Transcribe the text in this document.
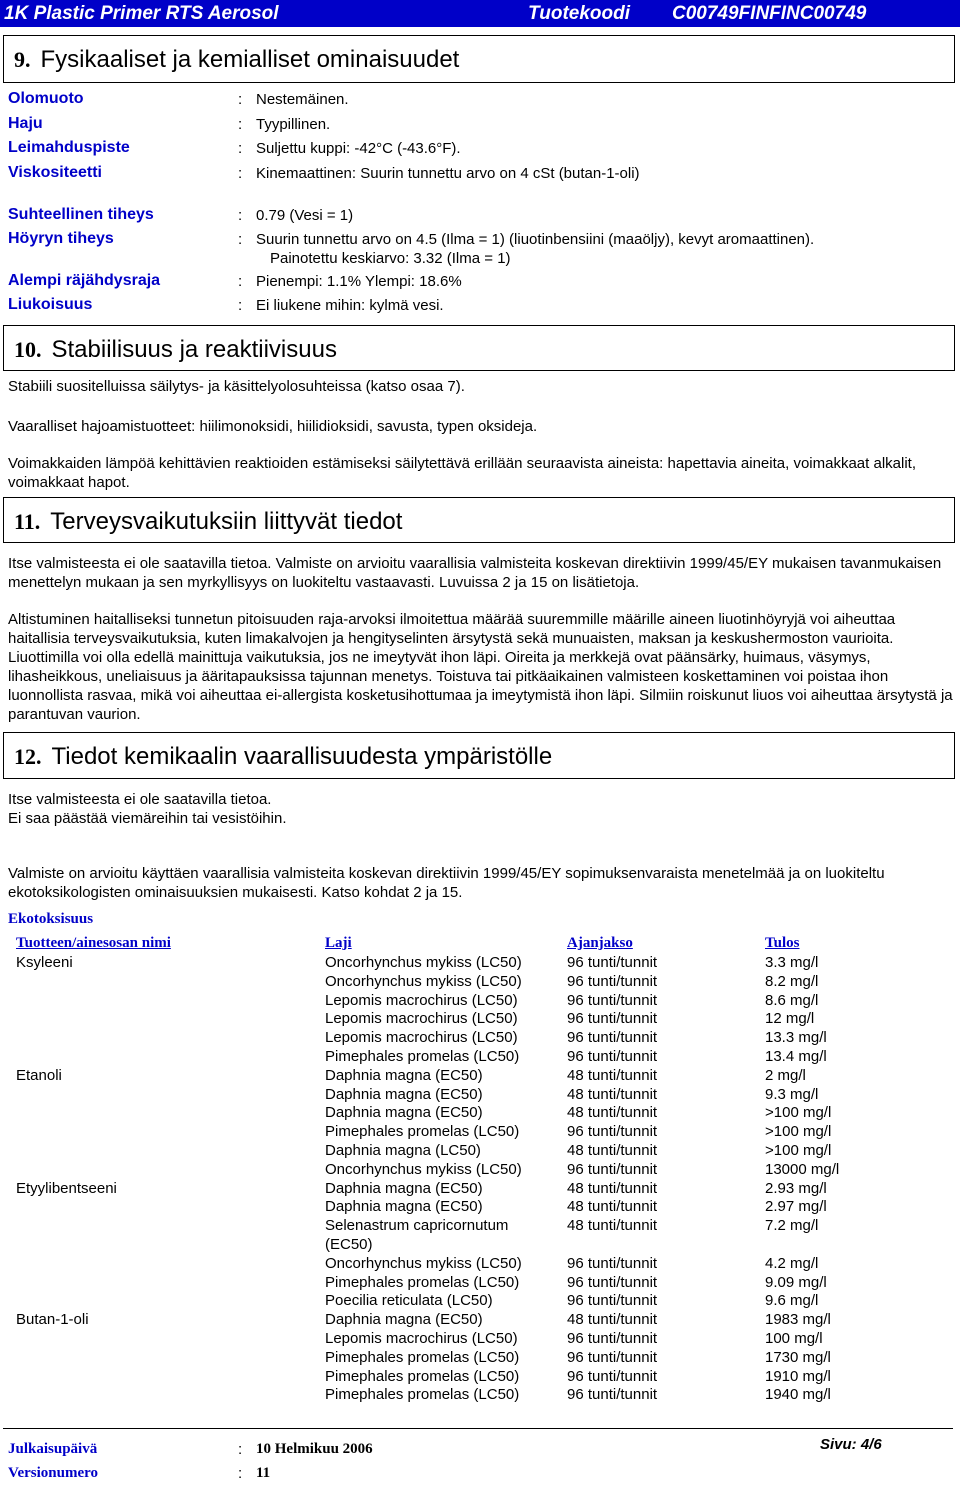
1K Plastic Primer RTS Aerosol	Tuotekoodi C00749FINFINC00749
9. Fysikaaliset ja kemialliset ominaisuudet
Olomuoto	: Nestemäinen.
Haju	: Tyypillinen.
Leimahduspiste	: Suljettu kuppi: -42°C (-43.6°F).
Viskositeetti	: Kinemaattinen: Suurin tunnettu arvo on 4 cSt (butan-1-oli)
Suhteellinen tiheys	: 0.79 (Vesi = 1)
Höyryn tiheys	: Suurin tunnettu arvo on 4.5 (Ilma = 1) (liuotinbensiini (maaöljy), kevyt aromaattinen).
Painotettu keskiarvo: 3.32 (Ilma = 1)
Alempi räjähdysraja	: Pienempi: 1.1% Ylempi: 18.6%
Liukoisuus	: Ei liukene mihin: kylmä vesi.
10. Stabiilisuus ja reaktiivisuus
Stabiili suositelluissa säilytys- ja käsittelyolosuhteissa (katso osaa 7).
Vaaralliset hajoamistuotteet: hiilimonoksidi, hiilidioksidi, savusta, typen oksideja.
Voimakkaiden lämpöä kehittävien reaktioiden estämiseksi säilytettävä erillään seuraavista aineista: hapettavia aineita, voimakkaat alkalit, voimakkaat hapot.
11. Terveysvaikutuksiin liittyvät tiedot
Itse valmisteesta ei ole saatavilla tietoa. Valmiste on arvioitu vaarallisia valmisteita koskevan direktiivin 1999/45/EY mukaisen tavanmukaisen menettelyn mukaan ja sen myrkyllisyys on luokiteltu vastaavasti. Luvuissa 2 ja 15 on lisätietoja.
Altistuminen haitalliseksi tunnetun pitoisuuden raja-arvoksi ilmoitettua määrää suuremmille määrille aineen liuotinhöyryjä voi aiheuttaa haitallisia terveysvaikutuksia, kuten limakalvojen ja hengityselinten ärsytystä sekä munuaisten, maksan ja keskushermoston vaurioita. Liuottimilla voi olla edellä mainittuja vaikutuksia, jos ne imeytyvät ihon läpi. Oireita ja merkkejä ovat päänsärky, huimaus, väsymys, lihasheikkous, uneliaisuus ja ääritapauksissa tajunnan menetys. Toistuva tai pitkäaikainen valmisteen koskettaminen voi poistaa ihon luonnollista rasvaa, mikä voi aiheuttaa ei-allergista kosketusihottumaa ja imeytymistä ihon läpi. Silmiin roiskunut liuos voi aiheuttaa ärsytystä ja parantuvan vaurion.
12. Tiedot kemikaalin vaarallisuudesta ympäristölle
Itse valmisteesta ei ole saatavilla tietoa.
Ei saa päästää viemäreihin tai vesistöihin.
Valmiste on arvioitu käyttäen vaarallisia valmisteita koskevan direktiivin 1999/45/EY sopimuksenvaraista menetelmää ja on luokiteltu ekotoksikologisten ominaisuuksien mukaisesti. Katso kohdat 2 ja 15.
Ekotoksisuus
Tuotteen/ainesosan nimi	Laji	Ajanjakso	Tulos
Ksyleeni	Oncorhynchus mykiss (LC50)	96 tunti/tunnit	3.3 mg/l
Oncorhynchus mykiss (LC50)	96 tunti/tunnit	8.2 mg/l
Lepomis macrochirus (LC50)	96 tunti/tunnit	8.6 mg/l
Lepomis macrochirus (LC50)	96 tunti/tunnit	12 mg/l
Lepomis macrochirus (LC50)	96 tunti/tunnit	13.3 mg/l
Pimephales promelas (LC50)	96 tunti/tunnit	13.4 mg/l
Etanoli	Daphnia magna (EC50)	48 tunti/tunnit	2 mg/l
Daphnia magna (EC50)	48 tunti/tunnit	9.3 mg/l
Daphnia magna (EC50)	48 tunti/tunnit	>100 mg/l
Pimephales promelas (LC50)	96 tunti/tunnit	>100 mg/l
Daphnia magna (LC50)	48 tunti/tunnit	>100 mg/l
Oncorhynchus mykiss (LC50)	96 tunti/tunnit	13000 mg/l
Etyylibentseeni	Daphnia magna (EC50)	48 tunti/tunnit	2.93 mg/l
Daphnia magna (EC50)	48 tunti/tunnit	2.97 mg/l
Selenastrum capricornutum	48 tunti/tunnit	7.2 mg/l
(EC50)
Oncorhynchus mykiss (LC50)	96 tunti/tunnit	4.2 mg/l
Pimephales promelas (LC50)	96 tunti/tunnit	9.09 mg/l
Poecilia reticulata (LC50)	96 tunti/tunnit	9.6 mg/l
Butan-1-oli	Daphnia magna (EC50)	48 tunti/tunnit	1983 mg/l
Lepomis macrochirus (LC50)	96 tunti/tunnit	100 mg/l
Pimephales promelas (LC50)	96 tunti/tunnit	1730 mg/l
Pimephales promelas (LC50)	96 tunti/tunnit	1910 mg/l
Pimephales promelas (LC50)	96 tunti/tunnit	1940 mg/l
Julkaisupäivä	: 10 Helmikuu 2006
Versionumero	: 11
Sivu: 4/6
